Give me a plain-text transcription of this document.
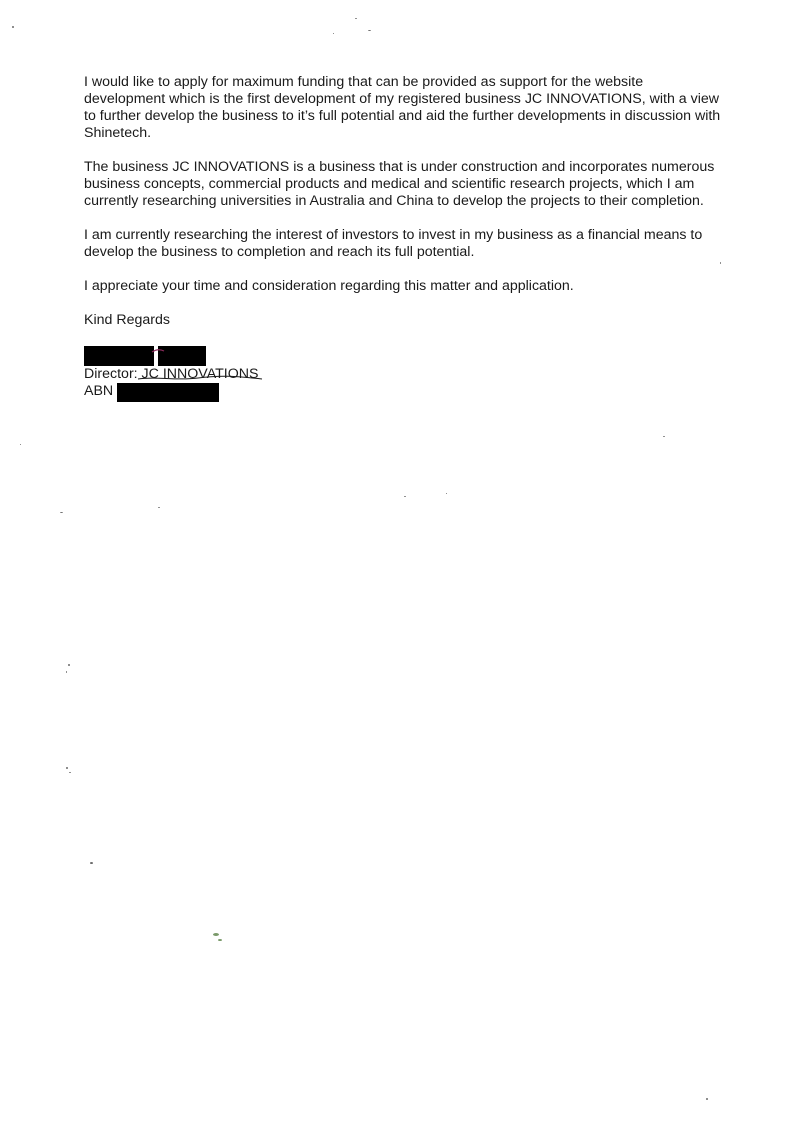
I would like to apply for maximum funding that can be provided as support for the website development which is the first development of my registered business JC INNOVATIONS, with a view to further develop the business to it’s full potential and aid the further developments in discussion with Shinetech.

The business JC INNOVATIONS is a business that is under construction and incorporates numerous business concepts, commercial products and medical and scientific research projects, which I am currently researching universities in Australia and China to develop the projects to their completion.

I am currently researching the interest of investors to invest in my business as a financial means to develop the business to completion and reach its full potential.

I appreciate your time and consideration regarding this matter and application.

Kind Regards

Director: JC INNOVATIONS
ABN
